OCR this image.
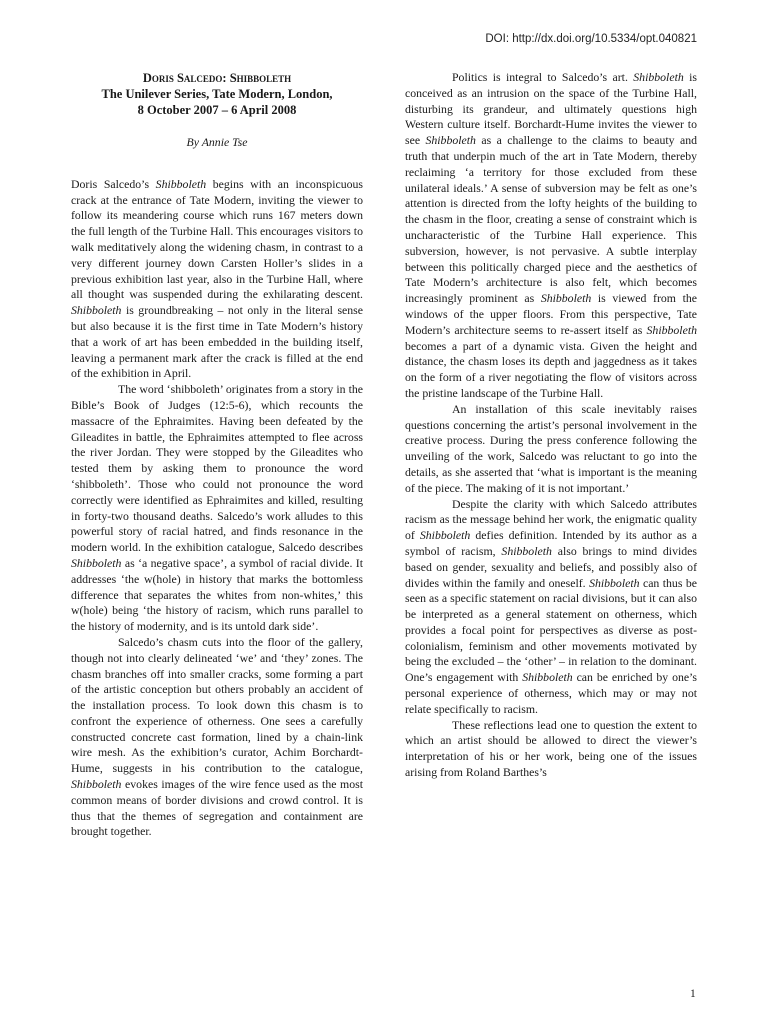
DOI: http://dx.doi.org/10.5334/opt.040821
Doris Salcedo: Shibboleth
The Unilever Series, Tate Modern, London,
8 October 2007 – 6 April 2008
By Annie Tse

Doris Salcedo’s Shibboleth begins with an inconspicuous crack at the entrance of Tate Modern, inviting the viewer to follow its meandering course which runs 167 meters down the full length of the Turbine Hall. This encourages visitors to walk meditatively along the widening chasm, in contrast to a very different journey down Carsten Holler’s slides in a previous exhibition last year, also in the Turbine Hall, where all thought was suspended during the exhilarating descent. Shibboleth is groundbreaking – not only in the literal sense but also because it is the first time in Tate Modern’s history that a work of art has been embedded in the building itself, leaving a permanent mark after the crack is filled at the end of the exhibition in April.

The word ‘shibboleth’ originates from a story in the Bible’s Book of Judges (12:5-6), which recounts the massacre of the Ephraimites. Having been defeated by the Gileadites in battle, the Ephraimites attempted to flee across the river Jordan. They were stopped by the Gileadites who tested them by asking them to pronounce the word ‘shibboleth’. Those who could not pronounce the word correctly were identified as Ephraimites and killed, resulting in forty-two thousand deaths. Salcedo’s work alludes to this powerful story of racial hatred, and finds resonance in the modern world. In the exhibition catalogue, Salcedo describes Shibboleth as ‘a negative space’, a symbol of racial divide. It addresses ‘the w(hole) in history that marks the bottomless difference that separates the whites from non-whites,’ this w(hole) being ‘the history of racism, which runs parallel to the history of modernity, and is its untold dark side’.

Salcedo’s chasm cuts into the floor of the gallery, though not into clearly delineated ‘we’ and ‘they’ zones. The chasm branches off into smaller cracks, some forming a part of the artistic conception but others probably an accident of the installation process. To look down this chasm is to confront the experience of otherness. One sees a carefully constructed concrete cast formation, lined by a chain-link wire mesh. As the exhibition’s curator, Achim Borchardt-Hume, suggests in his contribution to the catalogue, Shibboleth evokes images of the wire fence used as the most common means of border divisions and crowd control. It is thus that the themes of segregation and containment are brought together.

Politics is integral to Salcedo’s art. Shibboleth is conceived as an intrusion on the space of the Turbine Hall, disturbing its grandeur, and ultimately questions high Western culture itself. Borchardt-Hume invites the viewer to see Shibboleth as a challenge to the claims to beauty and truth that underpin much of the art in Tate Modern, thereby reclaiming ‘a territory for those excluded from these unilateral ideals.’ A sense of subversion may be felt as one’s attention is directed from the lofty heights of the building to the chasm in the floor, creating a sense of constraint which is uncharacteristic of the Turbine Hall experience. This subversion, however, is not pervasive. A subtle interplay between this politically charged piece and the aesthetics of Tate Modern’s architecture is also felt, which becomes increasingly prominent as Shibboleth is viewed from the windows of the upper floors. From this perspective, Tate Modern’s architecture seems to re-assert itself as Shibboleth becomes a part of a dynamic vista. Given the height and distance, the chasm loses its depth and jaggedness as it takes on the form of a river negotiating the flow of visitors across the pristine landscape of the Turbine Hall.

An installation of this scale inevitably raises questions concerning the artist’s personal involvement in the creative process. During the press conference following the unveiling of the work, Salcedo was reluctant to go into the details, as she asserted that ‘what is important is the meaning of the piece. The making of it is not important.’

Despite the clarity with which Salcedo attributes racism as the message behind her work, the enigmatic quality of Shibboleth defies definition. Intended by its author as a symbol of racism, Shibboleth also brings to mind divides based on gender, sexuality and beliefs, and possibly also of divides within the family and oneself. Shibboleth can thus be seen as a specific statement on racial divisions, but it can also be interpreted as a general statement on otherness, which provides a focal point for perspectives as diverse as post-colonialism, feminism and other movements motivated by being the excluded – the ‘other’ – in relation to the dominant. One’s engagement with Shibboleth can be enriched by one’s personal experience of otherness, which may or may not relate specifically to racism.

These reflections lead one to question the extent to which an artist should be allowed to direct the viewer’s interpretation of his or her work, being one of the issues arising from Roland Barthes’s

1
